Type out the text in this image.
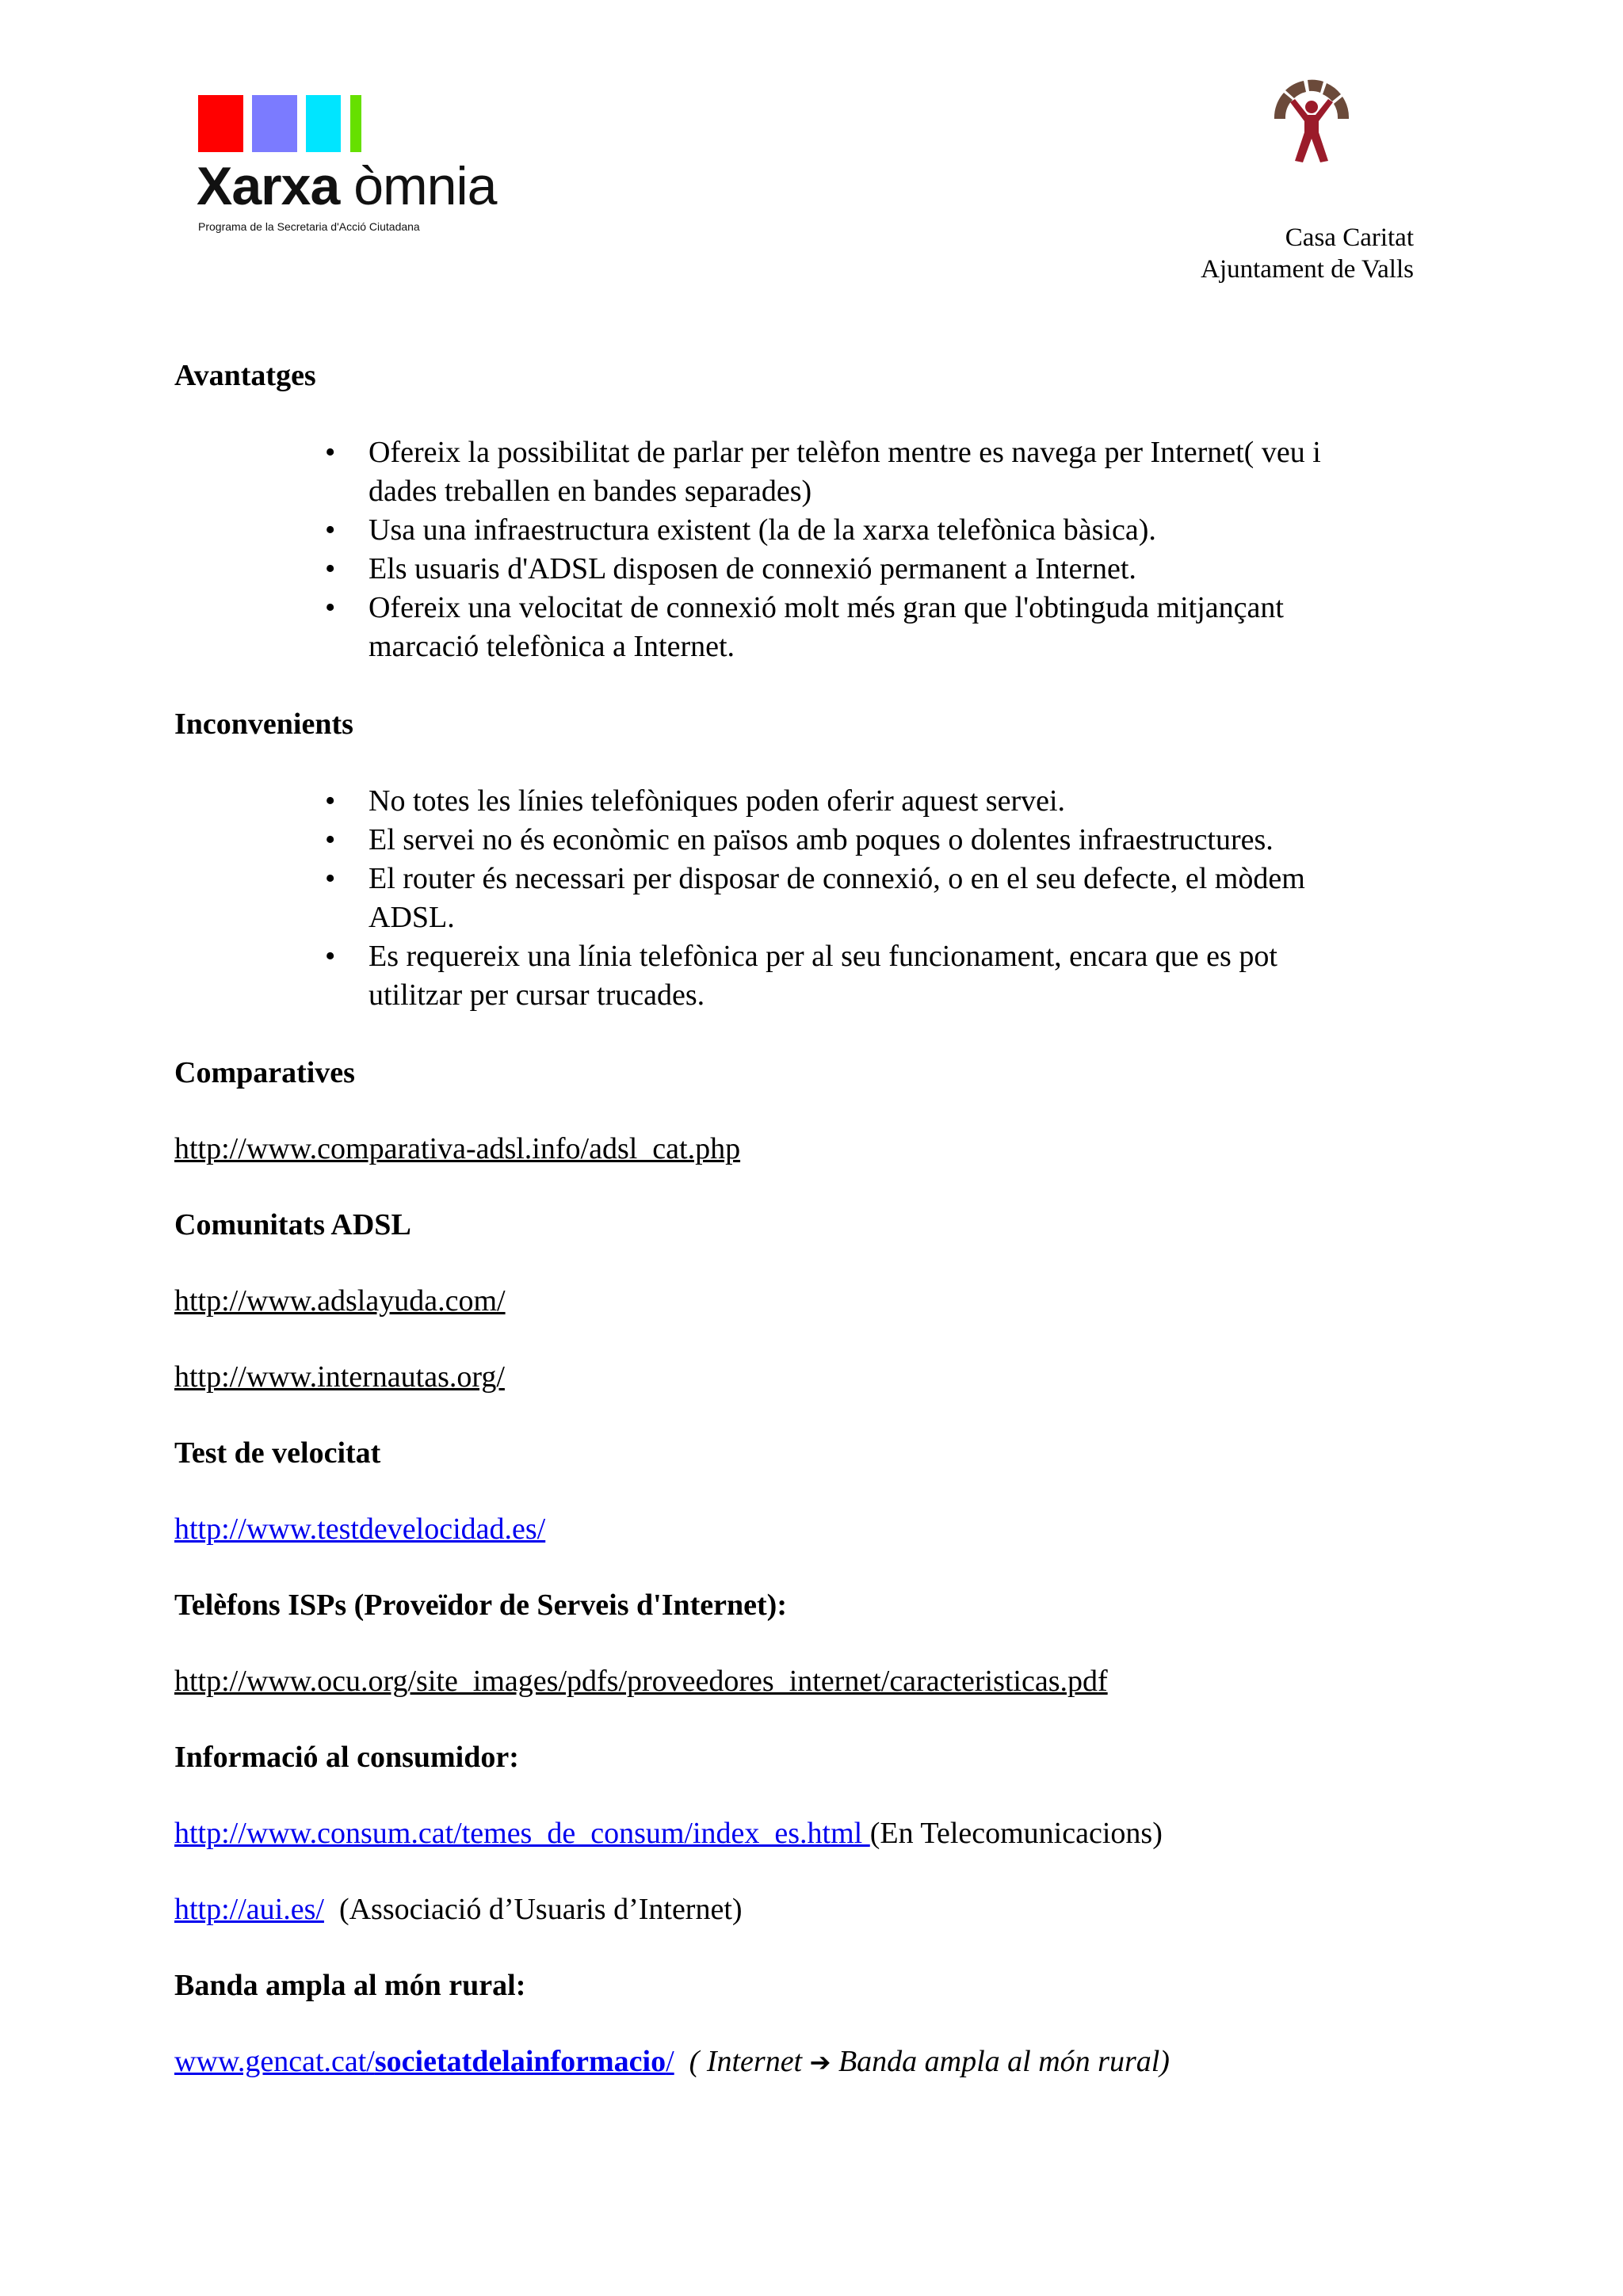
Xarxa òmnia
Programa de la Secretaria d'Acció Ciutadana	Casa Caritat
Ajuntament de Valls

Avantatges

• Ofereix la possibilitat de parlar per telèfon mentre es navega per Internet( veu i
dades treballen en bandes separades)
• Usa una infraestructura existent (la de la xarxa telefònica bàsica).
• Els usuaris d'ADSL disposen de connexió permanent a Internet.
• Ofereix una velocitat de connexió molt més gran que l'obtinguda mitjançant
marcació telefònica a Internet.

Inconvenients

• No totes les línies telefòniques poden oferir aquest servei.
• El servei no és econòmic en països amb poques o dolentes infraestructures.
• El router és necessari per disposar de connexió, o en el seu defecte, el mòdem
ADSL.
• Es requereix una línia telefònica per al seu funcionament, encara que es pot
utilitzar per cursar trucades.

Comparatives

http://www.comparativa-adsl.info/adsl_cat.php

Comunitats ADSL

http://www.adslayuda.com/

http://www.internautas.org/

Test de velocitat

http://www.testdevelocidad.es/

Telèfons ISPs (Proveïdor de Serveis d'Internet):

http://www.ocu.org/site_images/pdfs/proveedores_internet/caracteristicas.pdf

Informació al consumidor:

http://www.consum.cat/temes_de_consum/index_es.html (En Telecomunicacions)

http://aui.es/ (Associació d’Usuaris d’Internet)

Banda ampla al món rural:

www.gencat.cat/societatdelainformacio/ ( Internet ➔ Banda ampla al món rural)
